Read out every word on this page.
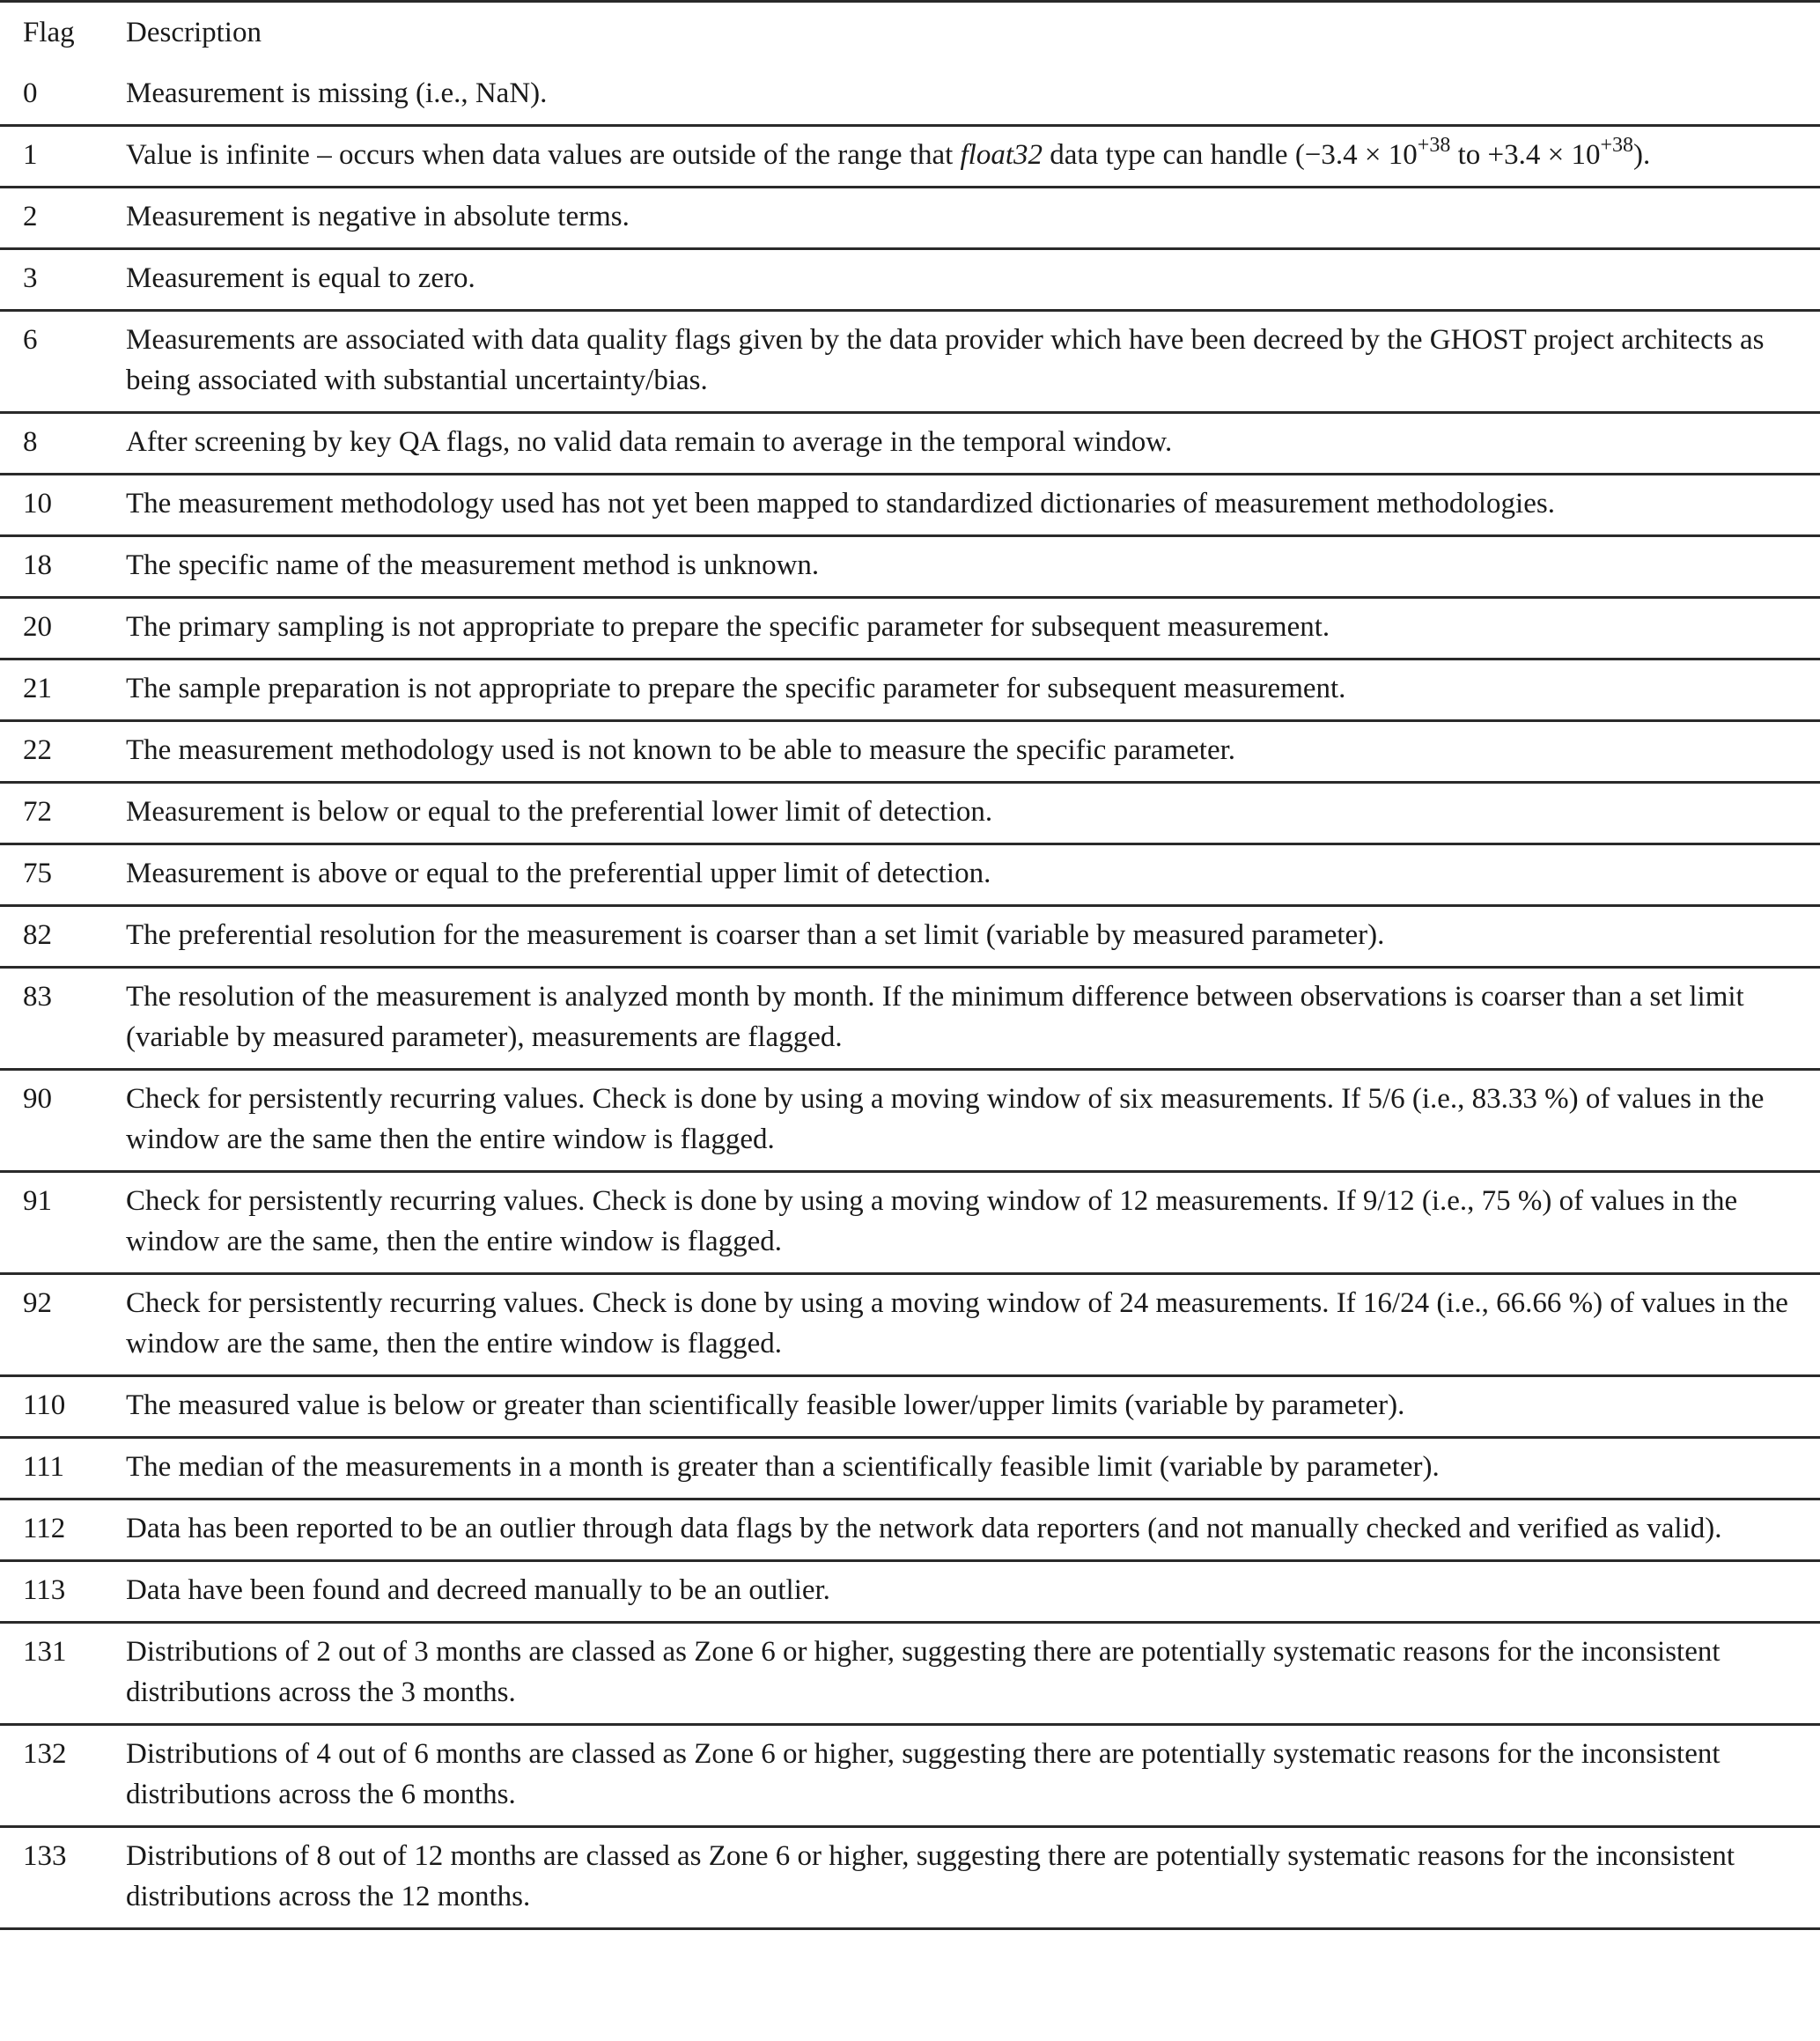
Flag	Description
0	Measurement is missing (i.e., NaN).
1	Value is infinite – occurs when data values are outside of the range that float32 data type can handle ($-3.4 \times 10^{+38}$ to $+3.4 \times 10^{+38}$).
2	Measurement is negative in absolute terms.
3	Measurement is equal to zero.
6	Measurements are associated with data quality flags given by the data provider which have been decreed by the GHOST project architects as being associated with substantial uncertainty/bias.
8	After screening by key QA flags, no valid data remain to average in the temporal window.
10	The measurement methodology used has not yet been mapped to standardized dictionaries of measurement methodologies.
18	The specific name of the measurement method is unknown.
20	The primary sampling is not appropriate to prepare the specific parameter for subsequent measurement.
21	The sample preparation is not appropriate to prepare the specific parameter for subsequent measurement.
22	The measurement methodology used is not known to be able to measure the specific parameter.
72	Measurement is below or equal to the preferential lower limit of detection.
75	Measurement is above or equal to the preferential upper limit of detection.
82	The preferential resolution for the measurement is coarser than a set limit (variable by measured parameter).
83	The resolution of the measurement is analyzed month by month. If the minimum difference between observations is coarser than a set limit (variable by measured parameter), measurements are flagged.
90	Check for persistently recurring values. Check is done by using a moving window of six measurements. If 5/6 (i.e., 83.33 %) of values in the window are the same then the entire window is flagged.
91	Check for persistently recurring values. Check is done by using a moving window of 12 measurements. If 9/12 (i.e., 75 %) of values in the window are the same, then the entire window is flagged.
92	Check for persistently recurring values. Check is done by using a moving window of 24 measurements. If 16/24 (i.e., 66.66 %) of values in the window are the same, then the entire window is flagged.
110	The measured value is below or greater than scientifically feasible lower/upper limits (variable by parameter).
111	The median of the measurements in a month is greater than a scientifically feasible limit (variable by parameter).
112	Data has been reported to be an outlier through data flags by the network data reporters (and not manually checked and verified as valid).
113	Data have been found and decreed manually to be an outlier.
131	Distributions of 2 out of 3 months are classed as Zone 6 or higher, suggesting there are potentially systematic reasons for the inconsistent distributions across the 3 months.
132	Distributions of 4 out of 6 months are classed as Zone 6 or higher, suggesting there are potentially systematic reasons for the inconsistent distributions across the 6 months.
133	Distributions of 8 out of 12 months are classed as Zone 6 or higher, suggesting there are potentially systematic reasons for the inconsistent distributions across the 12 months.
